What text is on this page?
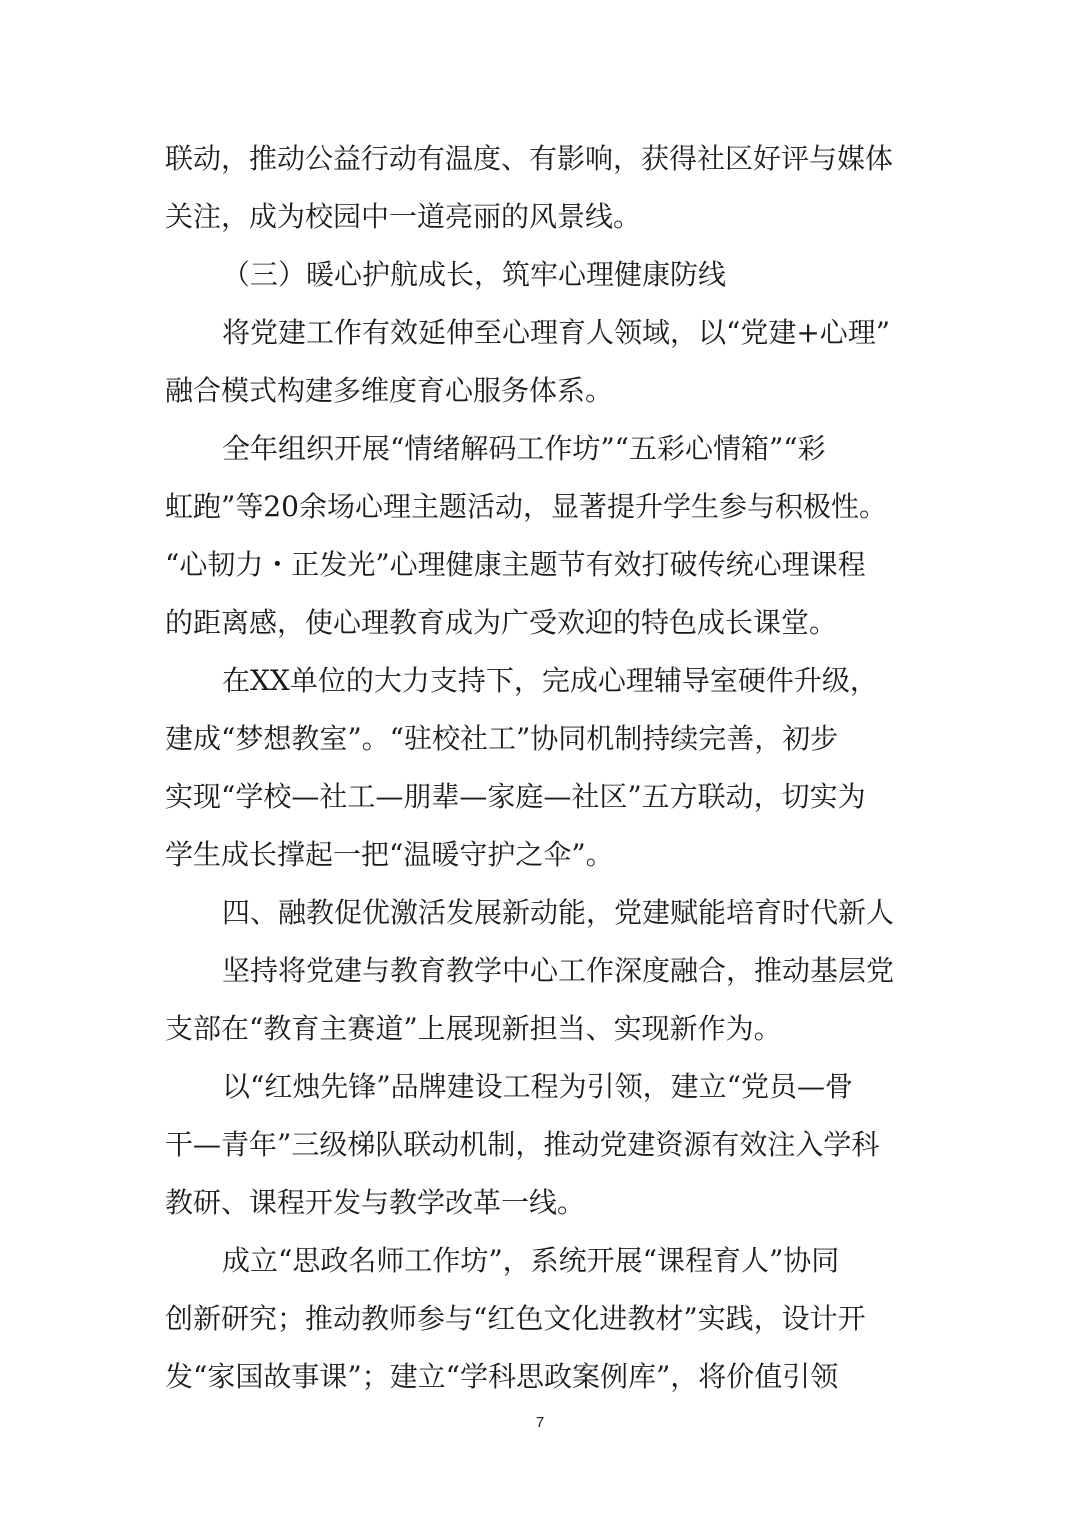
联动，推动公益行动有温度、有影响，获得社区好评与媒体
关注，成为校园中一道亮丽的风景线。
（三）暖心护航成长，筑牢心理健康防线
将党建工作有效延伸至心理育人领域，以“党建+心理”
融合模式构建多维度育心服务体系。
全年组织开展“情绪解码工作坊”“五彩心情箱”“彩
虹跑”等20余场心理主题活动，显著提升学生参与积极性。
“心韧力・正发光”心理健康主题节有效打破传统心理课程
的距离感，使心理教育成为广受欢迎的特色成长课堂。
在XX单位的大力支持下，完成心理辅导室硬件升级，
建成“梦想教室”。“驻校社工”协同机制持续完善，初步
实现“学校—社工—朋辈—家庭—社区”五方联动，切实为
学生成长撑起一把“温暖守护之伞”。
四、融教促优激活发展新动能，党建赋能培育时代新人
坚持将党建与教育教学中心工作深度融合，推动基层党
支部在“教育主赛道”上展现新担当、实现新作为。
以“红烛先锋”品牌建设工程为引领，建立“党员—骨
干—青年”三级梯队联动机制，推动党建资源有效注入学科
教研、课程开发与教学改革一线。
成立“思政名师工作坊”，系统开展“课程育人”协同
创新研究；推动教师参与“红色文化进教材”实践，设计开
发“家国故事课”；建立“学科思政案例库”，将价值引领
7
